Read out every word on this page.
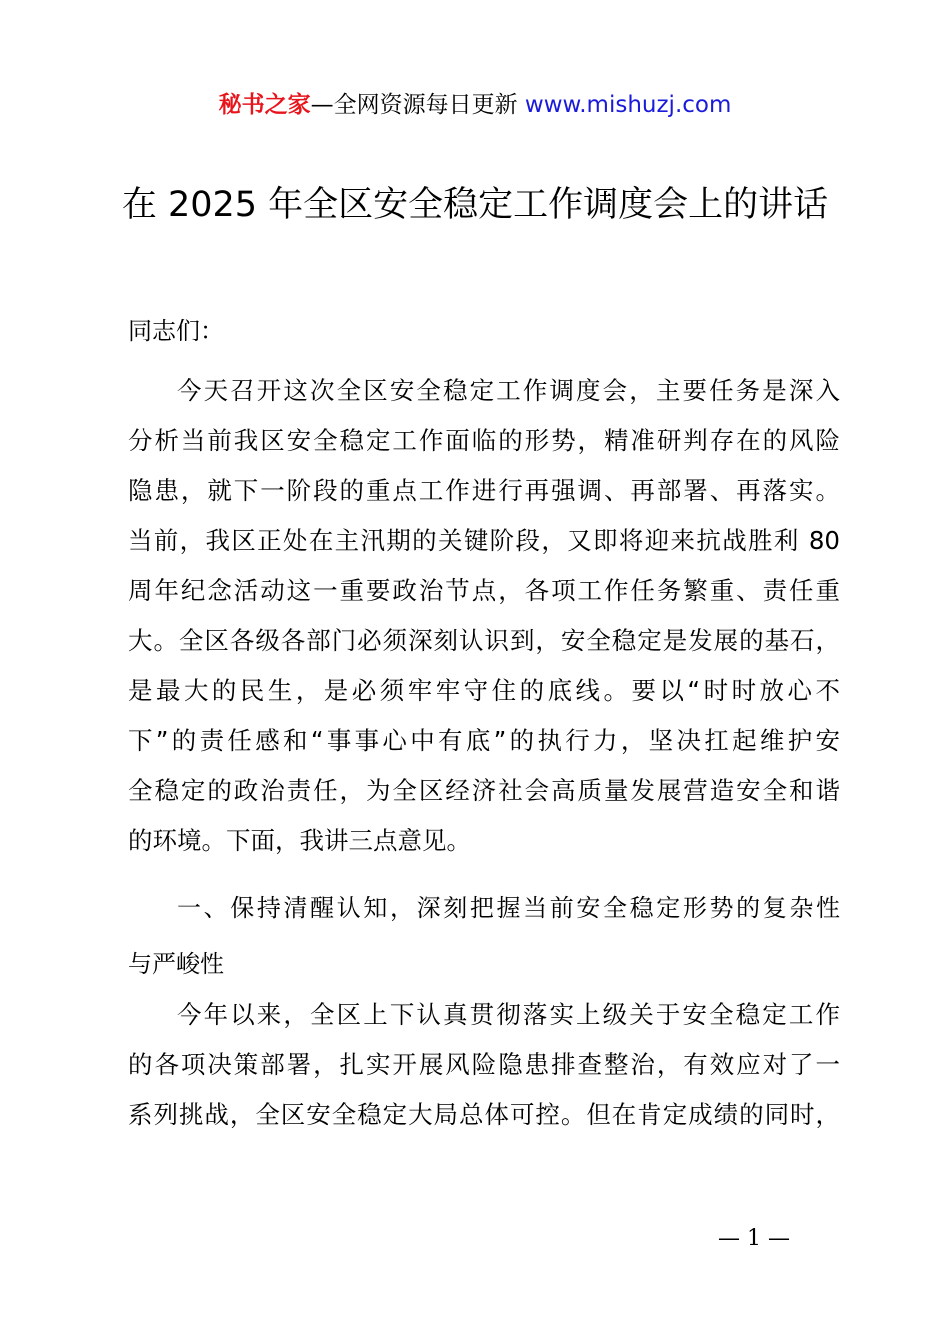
秘书之家—全网资源每日更新 www.mishuzj.com
在 2025 年全区安全稳定工作调度会上的讲话
同志们：
今天召开这次全区安全稳定工作调度会，主要任务是深入
分析当前我区安全稳定工作面临的形势，精准研判存在的风险
隐患，就下一阶段的重点工作进行再强调、再部署、再落实。
当前，我区正处在主汛期的关键阶段，又即将迎来抗战胜利 80
周年纪念活动这一重要政治节点，各项工作任务繁重、责任重
大。全区各级各部门必须深刻认识到，安全稳定是发展的基石，
是最大的民生，是必须牢牢守住的底线。要以“时时放心不
下”的责任感和“事事心中有底”的执行力，坚决扛起维护安
全稳定的政治责任，为全区经济社会高质量发展营造安全和谐
的环境。下面，我讲三点意见。
一、保持清醒认知，深刻把握当前安全稳定形势的复杂性
与严峻性
今年以来，全区上下认真贯彻落实上级关于安全稳定工作
的各项决策部署，扎实开展风险隐患排查整治，有效应对了一
系列挑战，全区安全稳定大局总体可控。但在肯定成绩的同时，
— 1 —
